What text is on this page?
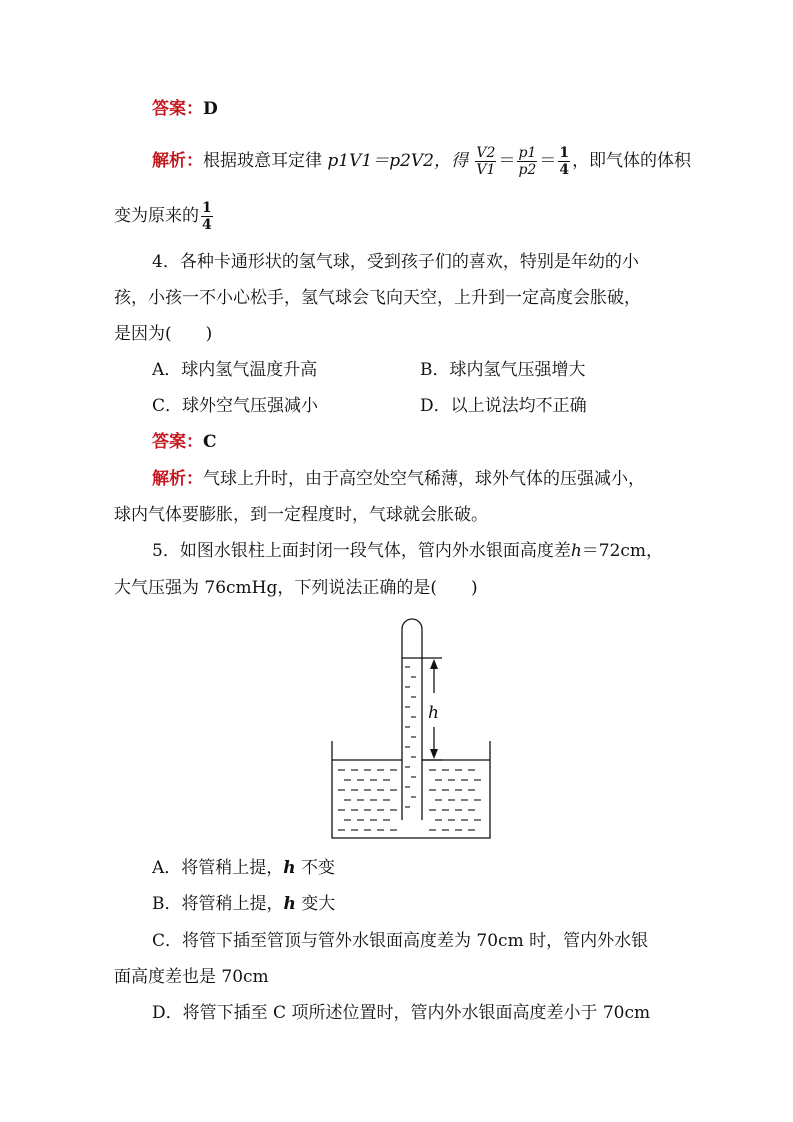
答案：D
解析：根据玻意耳定律 p1V1＝p2V2，得 $\frac{V2}{V1} = \frac{p1}{p2} = \frac{1}{4}$ ，即气体的体积
变为原来的 $\frac{1}{4}$
4．各种卡通形状的氢气球，受到孩子们的喜欢，特别是年幼的小
孩，小孩一不小心松手，氢气球会飞向天空，上升到一定高度会胀破，
是因为(　　)
A．球内氢气温度升高	B．球内氢气压强增大
C．球外空气压强减小	D．以上说法均不正确
答案：C
解析：气球上升时，由于高空处空气稀薄，球外气体的压强减小，
球内气体要膨胀，到一定程度时，气球就会胀破。
5．如图水银柱上面封闭一段气体，管内外水银面高度差h＝72cm，
大气压强为 76cmHg，下列说法正确的是(　　)
h
A．将管稍上提，h 不变
B．将管稍上提，h 变大
C．将管下插至管顶与管外水银面高度差为 70cm 时，管内外水银
面高度差也是 70cm
D．将管下插至 C 项所述位置时，管内外水银面高度差小于 70cm
